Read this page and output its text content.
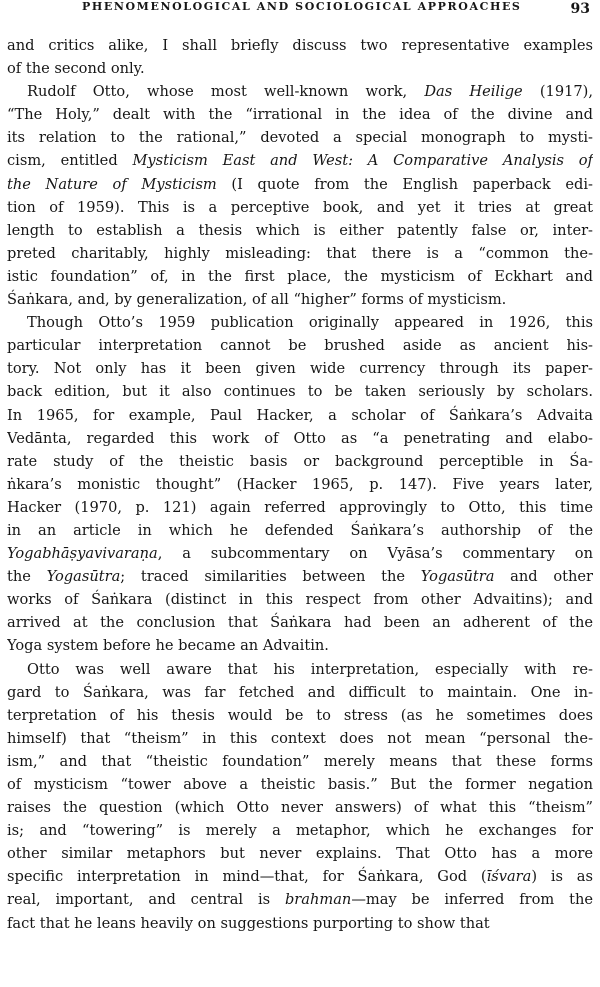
PHENOMENOLOGICAL AND SOCIOLOGICAL APPROACHES	93
and critics alike, I shall briefly discuss two representative examples
of the second only.
Rudolf Otto, whose most well-known work, Das Heilige (1917),
“The Holy,” dealt with the “irrational in the idea of the divine and
its relation to the rational,” devoted a special monograph to mysti-
cism, entitled Mysticism East and West: A Comparative Analysis of
the Nature of Mysticism (I quote from the English paperback edi-
tion of 1959). This is a perceptive book, and yet it tries at great
length to establish a thesis which is either patently false or, inter-
preted charitably, highly misleading: that there is a “common the-
istic foundation” of, in the first place, the mysticism of Eckhart and
Śaṅkara, and, by generalization, of all “higher” forms of mysticism.
Though Otto’s 1959 publication originally appeared in 1926, this
particular interpretation cannot be brushed aside as ancient his-
tory. Not only has it been given wide currency through its paper-
back edition, but it also continues to be taken seriously by scholars.
In 1965, for example, Paul Hacker, a scholar of Śaṅkara’s Advaita
Vedānta, regarded this work of Otto as “a penetrating and elabo-
rate study of the theistic basis or background perceptible in Śa-
ṅkara’s monistic thought” (Hacker 1965, p. 147). Five years later,
Hacker (1970, p. 121) again referred approvingly to Otto, this time
in an article in which he defended Śaṅkara’s authorship of the
Yogabhāṣyavivaraṇa, a subcommentary on Vyāsa’s commentary on
the Yogasūtra; traced similarities between the Yogasūtra and other
works of Śaṅkara (distinct in this respect from other Advaitins); and
arrived at the conclusion that Śaṅkara had been an adherent of the
Yoga system before he became an Advaitin.
Otto was well aware that his interpretation, especially with re-
gard to Śaṅkara, was far fetched and difficult to maintain. One in-
terpretation of his thesis would be to stress (as he sometimes does
himself) that “theism” in this context does not mean “personal the-
ism,” and that “theistic foundation” merely means that these forms
of mysticism “tower above a theistic basis.” But the former negation
raises the question (which Otto never answers) of what this “theism”
is; and “towering” is merely a metaphor, which he exchanges for
other similar metaphors but never explains. That Otto has a more
specific interpretation in mind—that, for Śaṅkara, God (īśvara) is as
real, important, and central is brahman—may be inferred from the
fact that he leans heavily on suggestions purporting to show that
